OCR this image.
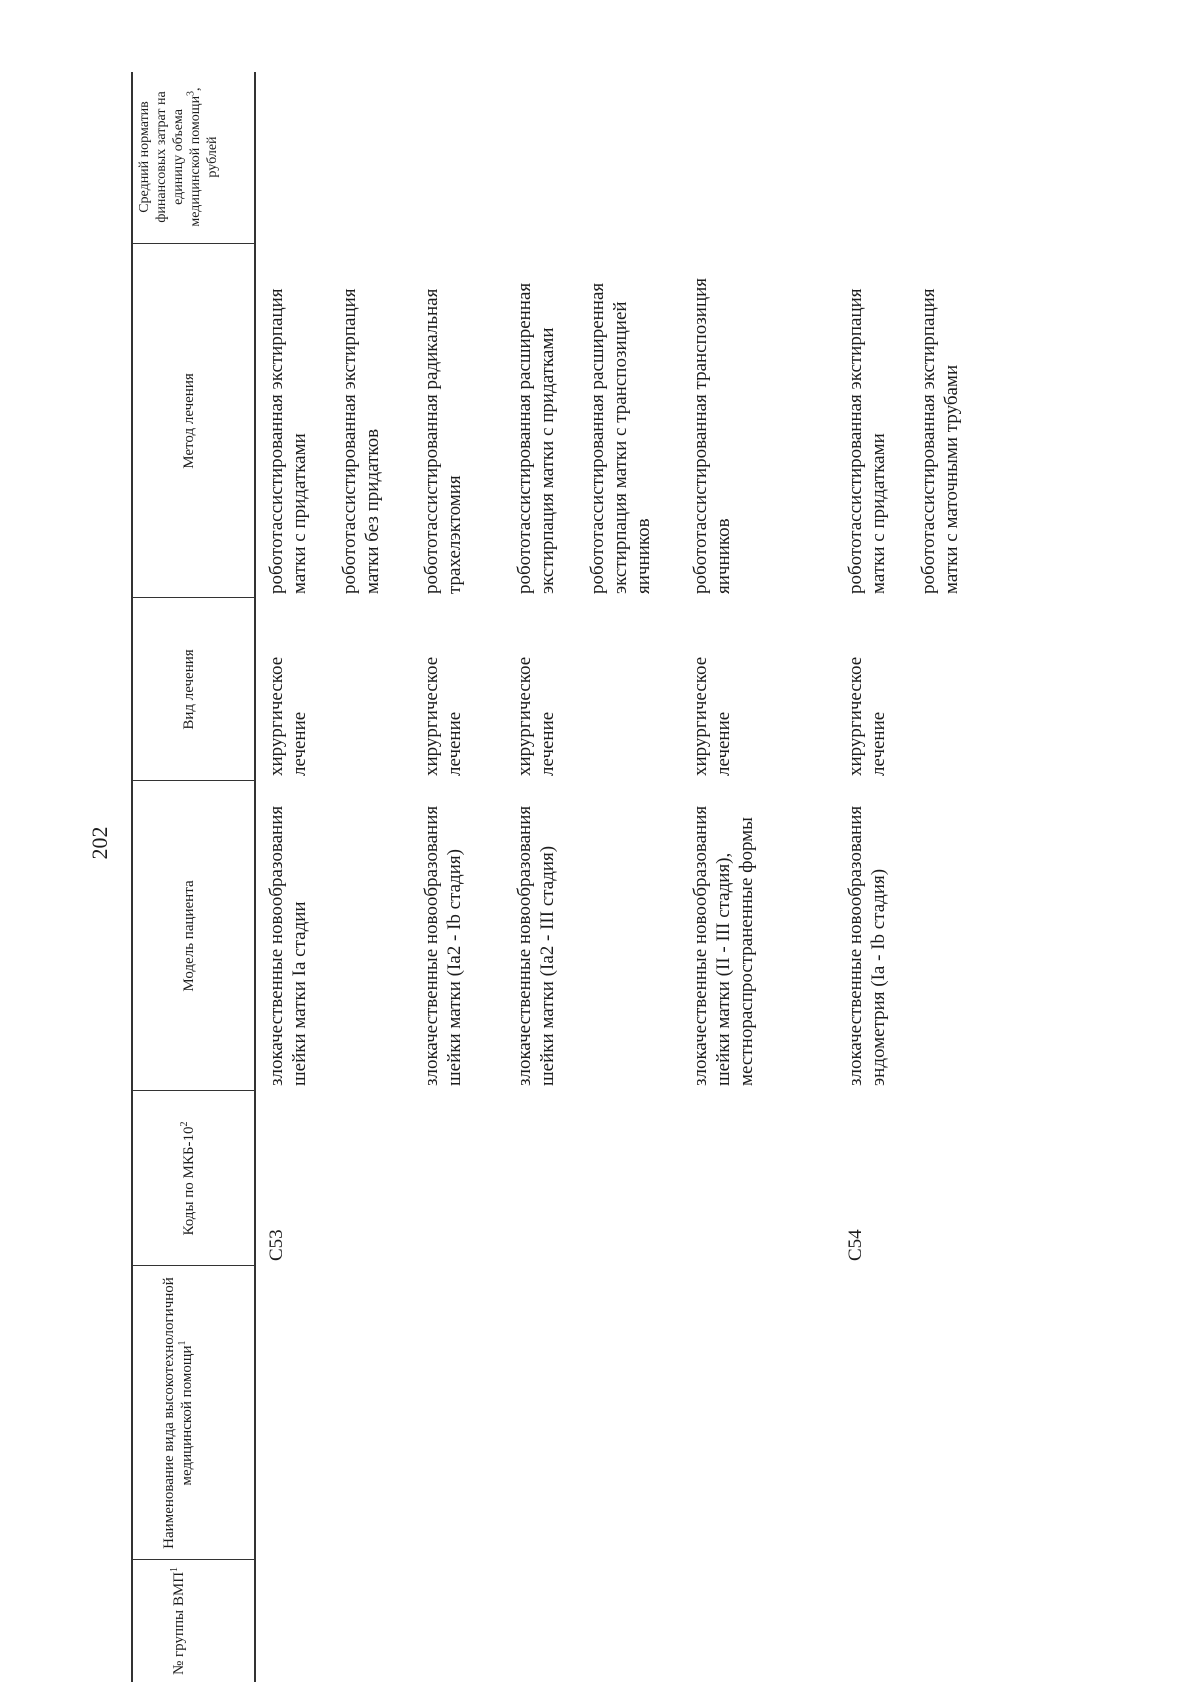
202
№ группы ВМП$^1$
Наименование вида высокотехнологичной медицинской помощи$^1$
Коды по МКБ-$10^2$
Модель пациента
Вид лечения
Метод лечения
Средний норматив финансовых затрат на единицу объема медицинской помощи$^3$, рублей
C53
злокачественные новообразования шейки матки Ia стадии
хирургическое лечение
робототассистированная экстирпация матки с придатками робототассистированная экстирпация матки без придатков
злокачественные новообразования шейки матки (Ia2 - Ib стадия)
хирургическое лечение
робототассистированная радикальная трахелэктомия
злокачественные новообразования шейки матки (Ia2 - III стадия)
хирургическое лечение
робототассистированная расширенная экстирпация матки с придатками робототассистированная расширенная экстирпация матки с транспозицией яичников
злокачественные новообразования шейки матки (II - III стадия), местнораспространенные формы
хирургическое лечение
робототассистированная транспозиция яичников
C54
злокачественные новообразования эндометрия (Ia - Ib стадия)
хирургическое лечение
робототассистированная экстирпация матки с придатками робототассистированная экстирпация матки с маточными трубами
